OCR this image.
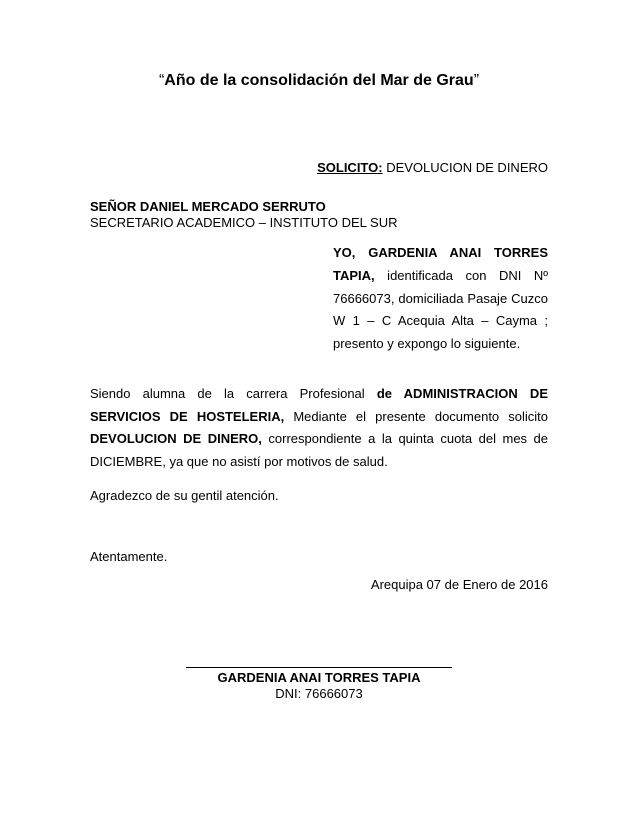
“Año de la consolidación del Mar de Grau”
SOLICITO: DEVOLUCION DE DINERO
SEÑOR DANIEL MERCADO SERRUTO
SECRETARIO ACADEMICO – INSTITUTO DEL SUR
YO, GARDENIA ANAI TORRES TAPIA, identificada con DNI Nº 76666073, domiciliada Pasaje Cuzco W 1 – C Acequia Alta – Cayma ; presento y expongo lo siguiente.
Siendo alumna de la carrera Profesional de ADMINISTRACION DE SERVICIOS DE HOSTELERIA, Mediante el presente documento solicito DEVOLUCION DE DINERO, correspondiente a la quinta cuota del mes de DICIEMBRE, ya que no asistí por motivos de salud.
Agradezco de su gentil atención.
Atentamente.
Arequipa 07 de Enero de 2016
GARDENIA ANAI TORRES TAPIA
DNI: 76666073
